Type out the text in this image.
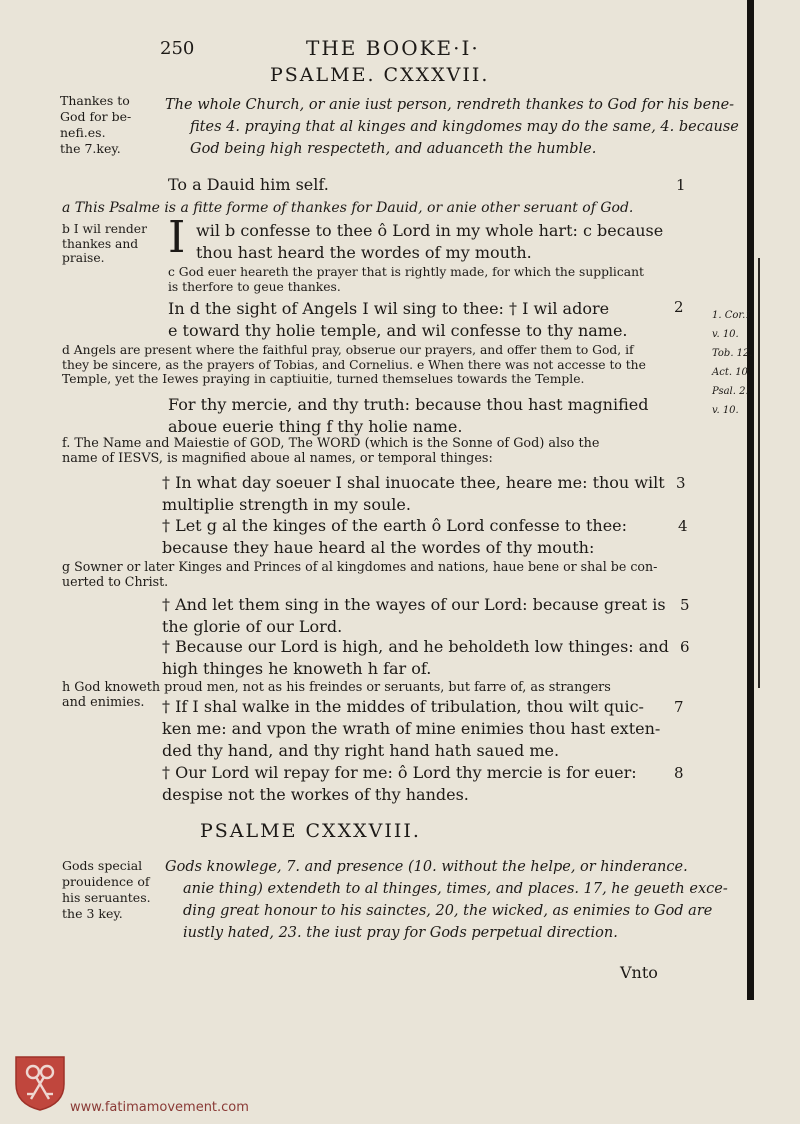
250	THE BOOKE·I·
PSALME. CXXXVII.
Thankes to
God for be-
nefi.es.
the 7.key.
The whole Church, or anie iust person, rendreth thankes to God for his bene-
fites 4. praying that al kinges and kingdomes may do the same, 4. because
God being high respecteth, and aduanceth the humble.
To a Dauid him self.	1
a This Psalme is a fitte forme of thankes for Dauid, or anie other seruant of God.
b I wil render
thankes and
praise.	I wil b confesse to thee ô Lord in my whole hart: c because
thou hast heard the wordes of my mouth.
c God euer heareth the prayer that is rightly made, for which the supplicant
is therfore to geue thankes.
In d the sight of Angels I wil sing to thee: † I wil adore
e toward thy holie temple, and wil confesse to thy name.
2	1. Cor.1
v. 10.
Tob. 12.
Act. 10
Psal. 2.
v. 10.
d Angels are present where the faithful pray, obserue our prayers, and offer them to God, if
they be sincere, as the prayers of Tobias, and Cornelius. e When there was not accesse to the
Temple, yet the Iewes praying in captiuitie, turned themselues towards the Temple.
For thy mercie, and thy truth: because thou hast magnified
aboue euerie thing f thy holie name.
f. The Name and Maiestie of GOD, The WORD (which is the Sonne of God) also the
name of IESVS, is magnified aboue al names, or temporal thinges:
† In what day soeuer I shal inuocate thee, heare me: thou wilt
multiplie strength in my soule.
3
† Let g al the kinges of the earth ô Lord confesse to thee:
because they haue heard al the wordes of thy mouth:
4
g Sowner or later Kinges and Princes of al kingdomes and nations, haue bene or shal be con-
uerted to Christ.
† And let them sing in the wayes of our Lord: because great is
the glorie of our Lord.
5
† Because our Lord is high, and he beholdeth low thinges: and
high thinges he knoweth h far of.
6
h God knoweth proud men, not as his freindes or seruants, but farre of, as strangers
and enimies.	† If I shal walke in the middes of tribulation, thou wilt quic-
ken me: and vpon the wrath of mine enimies thou hast exten-
ded thy hand, and thy right hand hath saued me.
7
† Our Lord wil repay for me: ô Lord thy mercie is for euer:
despise not the workes of thy handes.
8
PSALME CXXXVIII.
Gods special
prouidence of
his seruantes.
the 3 key.
Gods knowlege, 7. and presence (10. without the helpe, or hinderance.
anie thing) extendeth to al thinges, times, and places. 17, he geueth exce-
ding great honour to his sainctes, 20, the wicked, as enimies to God are
iustly hated, 23. the iust pray for Gods perpetual direction.
Vnto
www.fatimamovement.com
